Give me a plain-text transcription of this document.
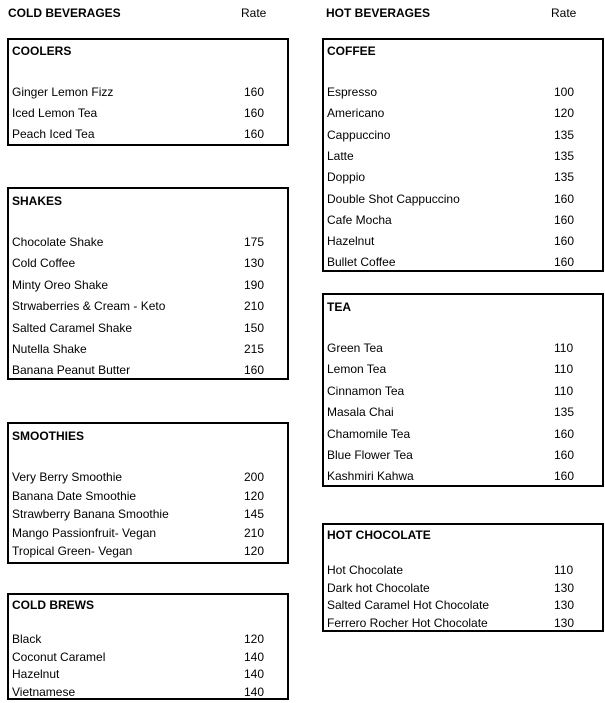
COLD BEVERAGES	Rate	HOT BEVERAGES	Rate
COOLERS
Ginger Lemon Fizz	160
Iced Lemon Tea	160
Peach Iced Tea	160
SHAKES
Chocolate Shake	175
Cold Coffee	130
Minty Oreo Shake	190
Strwaberries & Cream - Keto	210
Salted Caramel Shake	150
Nutella Shake	215
Banana Peanut Butter	160
SMOOTHIES
Very Berry Smoothie	200
Banana Date Smoothie	120
Strawberry Banana Smoothie	145
Mango Passionfruit- Vegan	210
Tropical Green- Vegan	120
COLD BREWS
Black	120
Coconut Caramel	140
Hazelnut	140
Vietnamese	140
COFFEE
Espresso	100
Americano	120
Cappuccino	135
Latte	135
Doppio	135
Double Shot Cappuccino	160
Cafe Mocha	160
Hazelnut	160
Bullet Coffee	160
TEA
Green Tea	110
Lemon Tea	110
Cinnamon Tea	110
Masala Chai	135
Chamomile Tea	160
Blue Flower Tea	160
Kashmiri Kahwa	160
HOT CHOCOLATE
Hot Chocolate	110
Dark hot Chocolate	130
Salted Caramel Hot Chocolate	130
Ferrero Rocher Hot Chocolate	130
